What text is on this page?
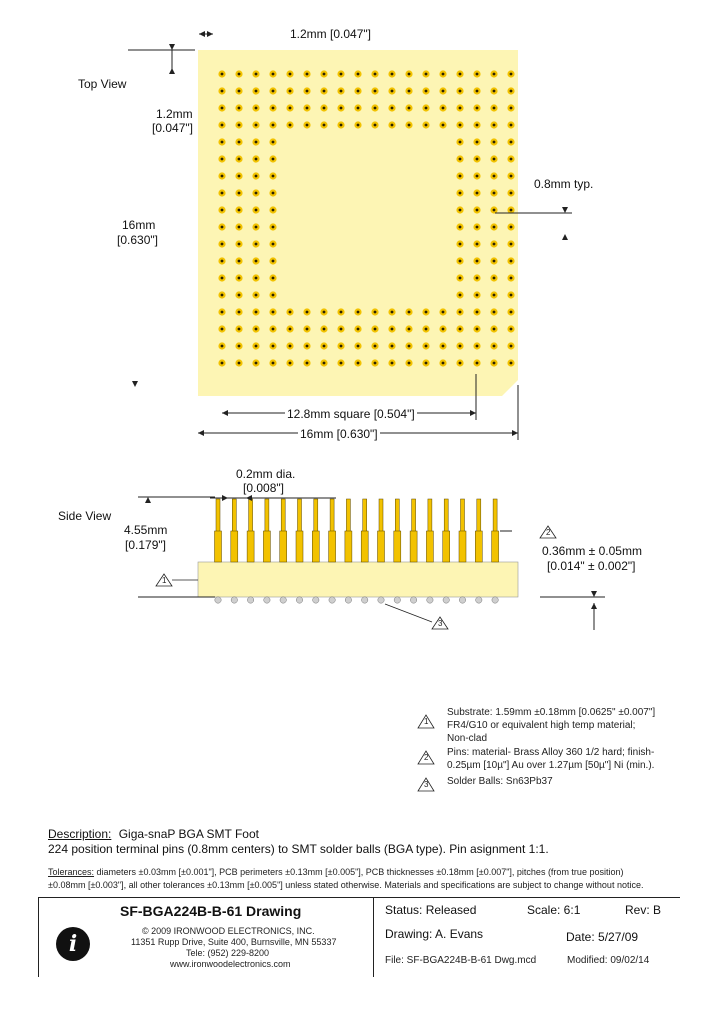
Top View
1.2mm [0.047"]
1.2mm
[0.047"]
16mm
[0.630"]
0.8mm typ.
12.8mm square [0.504"]
16mm [0.630"]
Side View
2
1
3
0.2mm dia.
[0.008"]
4.55mm
[0.179"]	0.36mm ± 0.05mm
[0.014" ± 0.002"]
1
2
3
Substrate: 1.59mm ±0.18mm [0.0625" ±0.007"]
FR4/G10 or equivalent high temp material;
Non-clad
Pins: material- Brass Alloy 360 1/2 hard; finish-
0.25µm [10µ"] Au over 1.27µm [50µ"] Ni (min.).
Solder Balls: Sn63Pb37
Description: Giga-snaP BGA SMT Foot
224 position terminal pins (0.8mm centers) to SMT solder balls (BGA type). Pin asignment 1:1.
Tolerances: diameters ±0.03mm [±0.001"], PCB perimeters ±0.13mm [±0.005"], PCB thicknesses ±0.18mm [±0.007"], pitches (from true position)
±0.08mm [±0.003"], all other tolerances ±0.13mm [±0.005"] unless stated otherwise. Materials and specifications are subject to change without notice.
i
SF-BGA224B-B-61 Drawing
© 2009 IRONWOOD ELECTRONICS, INC.
11351 Rupp Drive, Suite 400, Burnsville, MN 55337
Tele: (952) 229-8200
www.ironwoodelectronics.com
Status: Released	Scale: 6:1	Rev: B
Drawing: A. Evans	Date: 5/27/09
File: SF-BGA224B-B-61 Dwg.mcd	Modified: 09/02/14
